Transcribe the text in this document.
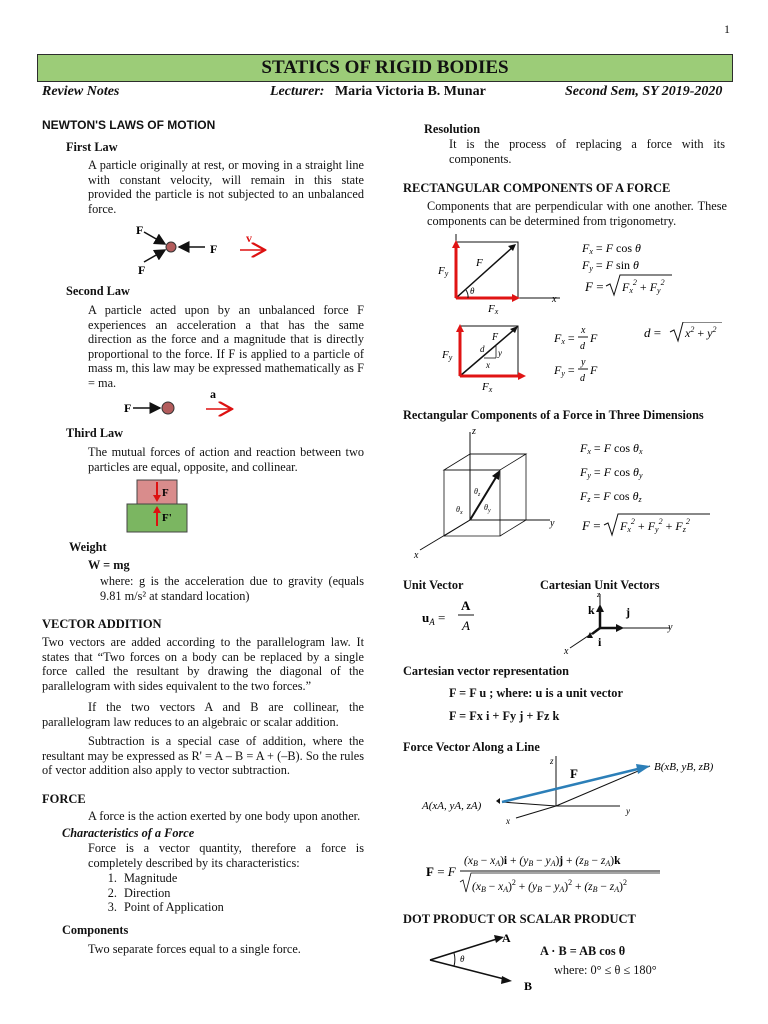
1
STATICS OF RIGID BODIES
Review Notes	Lecturer: Maria Victoria B. Munar	Second Sem, SY 2019-2020

NEWTON'S LAWS OF MOTION

First Law

A particle originally at rest, or moving in a straight line with constant velocity, will remain in this state provided the particle is not subjected to an unbalanced force.

F
F
F
v

Second Law

A particle acted upon by an unbalanced force F experiences an acceleration a that has the same direction as the force and a magnitude that is directly proportional to the force. If F is applied to a particle of mass m, this law may be expressed mathematically as F = ma.

F
a

Third Law

The mutual forces of action and reaction between two particles are equal, opposite, and collinear.

F
F'

Weight

W = mg

where: g is the acceleration due to gravity (equals 9.81 m/s² at standard location)

VECTOR ADDITION

Two vectors are added according to the parallelogram law. It states that “Two forces on a body can be replaced by a single force called the resultant by drawing the diagonal of the parallelogram with sides equivalent to the two forces.”

If the two vectors A and B are collinear, the parallelogram law reduces to an algebraic or scalar addition.

Subtraction is a special case of addition, where the resultant may be expressed as R' = A – B = A + (–B). So the rules of vector addition also apply to vector subtraction.

FORCE

A force is the action exerted by one body upon another.

Characteristics of a Force

Force is a vector quantity, therefore a force is completely described by its characteristics:

1. Magnitude
2. Direction
3. Point of Application

Components

Two separate forces equal to a single force.

Resolution

It is the process of replacing a force with its components.

RECTANGULAR COMPONENTS OF A FORCE

Components that are perpendicular with one another. These components can be determined from trigonometry.

θ
F
Fy
Fx
x
Fx = F cos θ
Fy = F sin θ
$F = Fx^2 + Fy^2$
d y
x
F
Fy
Fx
Fx =
x
d
F
Fy =
y
d
F
$d = x^2 + y^2$

Rectangular Components of a Force in Three Dimensions

z
y
x
$\theta_z$
$\theta_x$
$\theta_y$
Fx = F cos θx
Fy = F cos θy
Fz = F cos θz
$F = Fx^2 + Fy^2 + Fz^2$

Unit Vector	Cartesian Unit Vectors

$u_A$ =
A
A
z
k	j
i
y
x

Cartesian vector representation

F = F u ; where: u is a unit vector

F = Fx i + Fy j + Fz k

Force Vector Along a Line

z
y
x
F
A(xA, yA, zA)
B(xB, yB, zB)
F = F
(xB − xA)i + (yB − yA)j + (zB − zA)k
(xB − xA)$^2$ + (yB − yA)$^2$ + (zB − zA)$^2$

DOT PRODUCT OR SCALAR PRODUCT

θ
A
B

A · B = AB cos θ

where: 0° ≤ θ ≤ 180°
